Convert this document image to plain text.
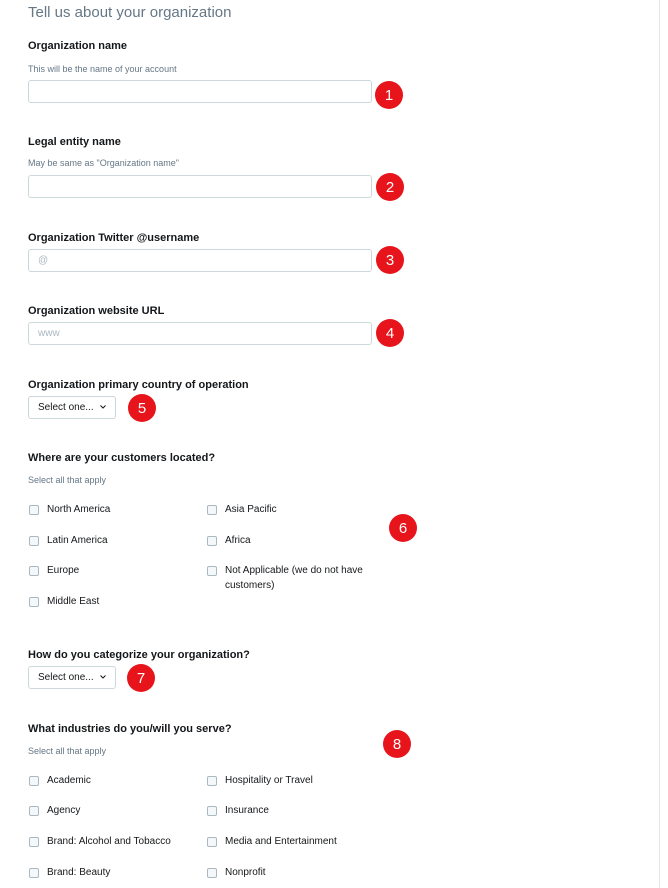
Tell us about your organization
Organization name
This will be the name of your account
1
Legal entity name
May be same as "Organization name"
2
Organization Twitter @username
@
3
Organization website URL
www
4
Organization primary country of operation
Select one...	5
Where are your customers located?
Select all that apply
North America
Latin America
Europe
Middle East
Asia Pacific
Africa
Not Applicable (we do not have customers)
6
How do you categorize your organization?
Select one...	7
What industries do you/will you serve?
Select all that apply	8
Academic
Agency
Brand: Alcohol and Tobacco
Brand: Beauty
Hospitality or Travel
Insurance
Media and Entertainment
Nonprofit
